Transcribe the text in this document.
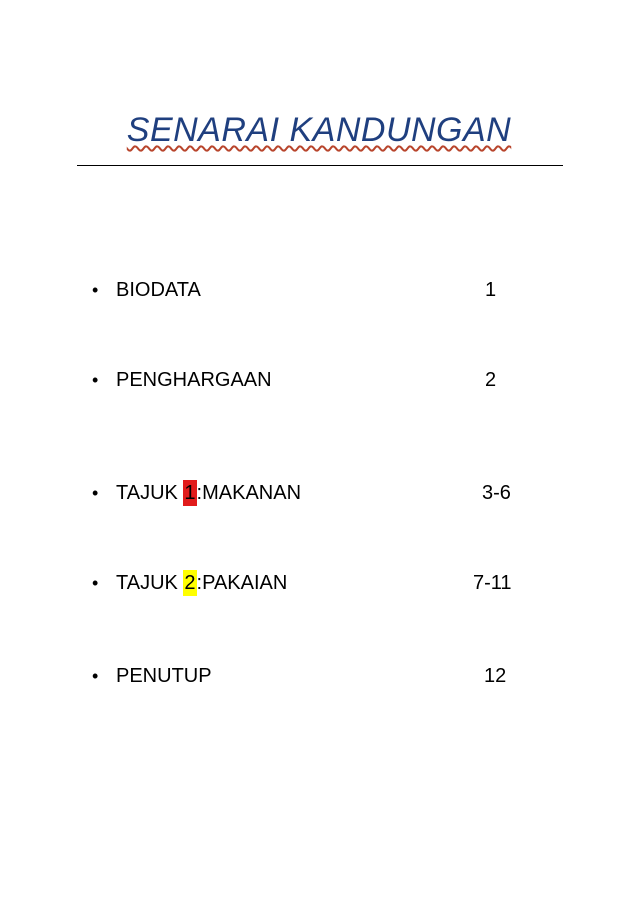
SENARAI KANDUNGAN
• BIODATA	1
• PENGHARGAAN	2
• TAJUK 1:MAKANAN	3-6
• TAJUK 2:PAKAIAN	7-11
• PENUTUP	12
